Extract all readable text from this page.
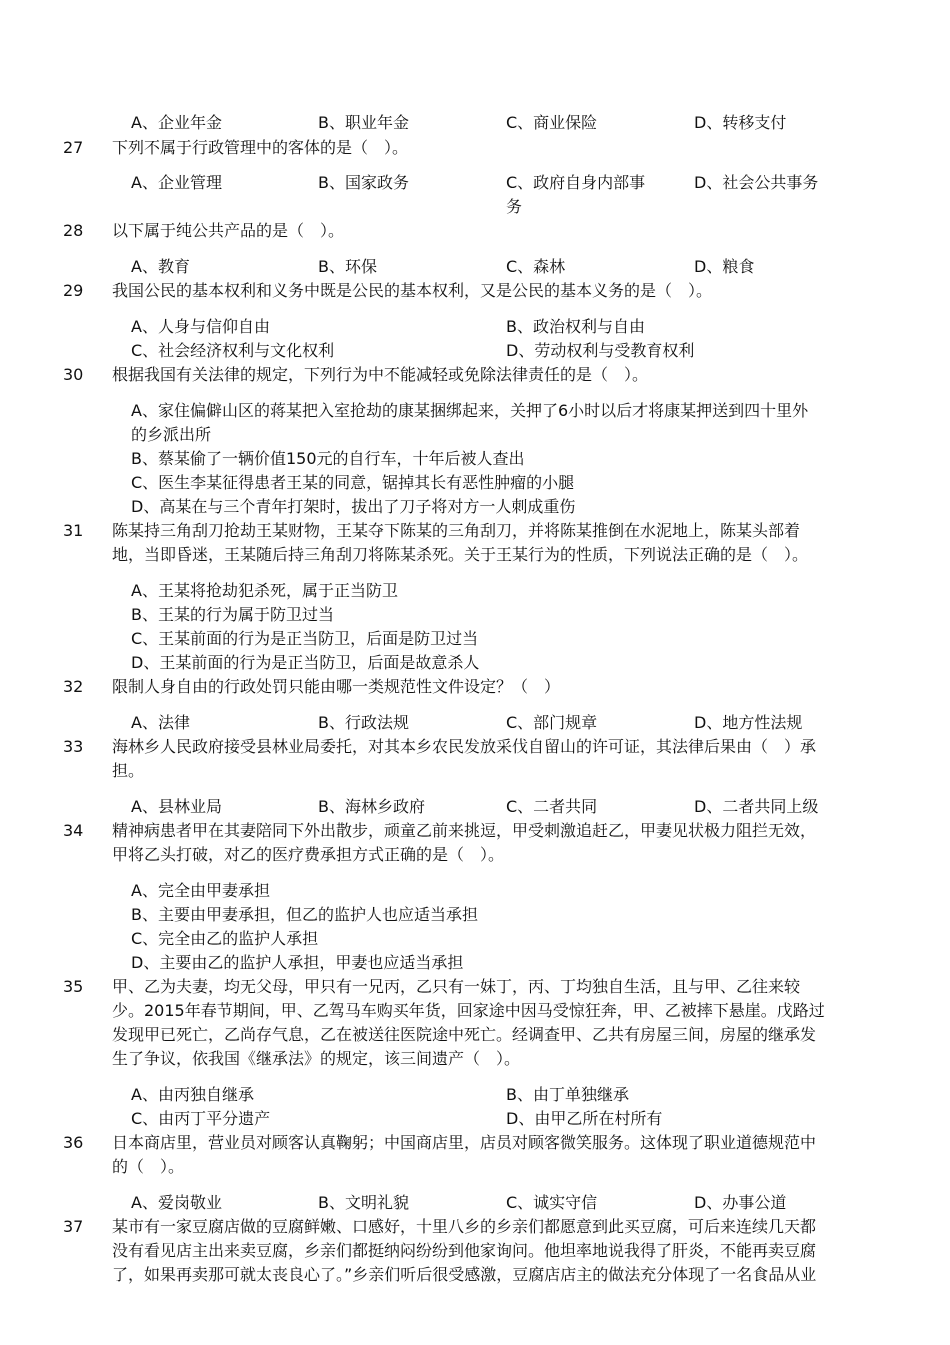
A、企业年金	B、职业年金	C、商业保险	D、转移支付
27 下列不属于行政管理中的客体的是（　）。
A、企业管理	B、国家政务	C、政府自身内部事	D、社会公共事务
务
28 以下属于纯公共产品的是（　）。
A、教育	B、环保	C、森林	D、粮食
29 我国公民的基本权利和义务中既是公民的基本权利，又是公民的基本义务的是（　）。
A、人身与信仰自由	B、政治权利与自由
C、社会经济权利与文化权利	D、劳动权利与受教育权利
30 根据我国有关法律的规定，下列行为中不能减轻或免除法律责任的是（　）。
A、家住偏僻山区的蒋某把入室抢劫的康某捆绑起来，关押了6小时以后才将康某押送到四十里外
的乡派出所
B、蔡某偷了一辆价值150元的自行车，十年后被人查出
C、医生李某征得患者王某的同意，锯掉其长有恶性肿瘤的小腿
D、高某在与三个青年打架时，拔出了刀子将对方一人刺成重伤
31 陈某持三角刮刀抢劫王某财物，王某夺下陈某的三角刮刀，并将陈某推倒在水泥地上，陈某头部着
地，当即昏迷，王某随后持三角刮刀将陈某杀死。关于王某行为的性质，下列说法正确的是（　）。
A、王某将抢劫犯杀死，属于正当防卫
B、王某的行为属于防卫过当
C、王某前面的行为是正当防卫，后面是防卫过当
D、王某前面的行为是正当防卫，后面是故意杀人
32 限制人身自由的行政处罚只能由哪一类规范性文件设定？（　）
A、法律	B、行政法规	C、部门规章	D、地方性法规
33 海林乡人民政府接受县林业局委托，对其本乡农民发放采伐自留山的许可证，其法律后果由（　）承
担。
A、县林业局	B、海林乡政府	C、二者共同	D、二者共同上级
34 精神病患者甲在其妻陪同下外出散步，顽童乙前来挑逗，甲受刺激追赶乙，甲妻见状极力阻拦无效，
甲将乙头打破，对乙的医疗费承担方式正确的是（　）。
A、完全由甲妻承担
B、主要由甲妻承担，但乙的监护人也应适当承担
C、完全由乙的监护人承担
D、主要由乙的监护人承担，甲妻也应适当承担
35 甲、乙为夫妻，均无父母，甲只有一兄丙，乙只有一妹丁，丙、丁均独自生活，且与甲、乙往来较
少。2015年春节期间，甲、乙驾马车购买年货，回家途中因马受惊狂奔，甲、乙被摔下悬崖。戊路过
发现甲已死亡，乙尚存气息，乙在被送往医院途中死亡。经调查甲、乙共有房屋三间，房屋的继承发
生了争议，依我国《继承法》的规定，该三间遗产（　）。
A、由丙独自继承	B、由丁单独继承
C、由丙丁平分遗产	D、由甲乙所在村所有
36 日本商店里，营业员对顾客认真鞠躬；中国商店里，店员对顾客微笑服务。这体现了职业道德规范中
的（　）。
A、爱岗敬业	B、文明礼貌	C、诚实守信	D、办事公道
37 某市有一家豆腐店做的豆腐鲜嫩、口感好，十里八乡的乡亲们都愿意到此买豆腐，可后来连续几天都
没有看见店主出来卖豆腐，乡亲们都挺纳闷纷纷到他家询问。他坦率地说我得了肝炎，不能再卖豆腐
了，如果再卖那可就太丧良心了。”乡亲们听后很受感激，豆腐店店主的做法充分体现了一名食品从业
